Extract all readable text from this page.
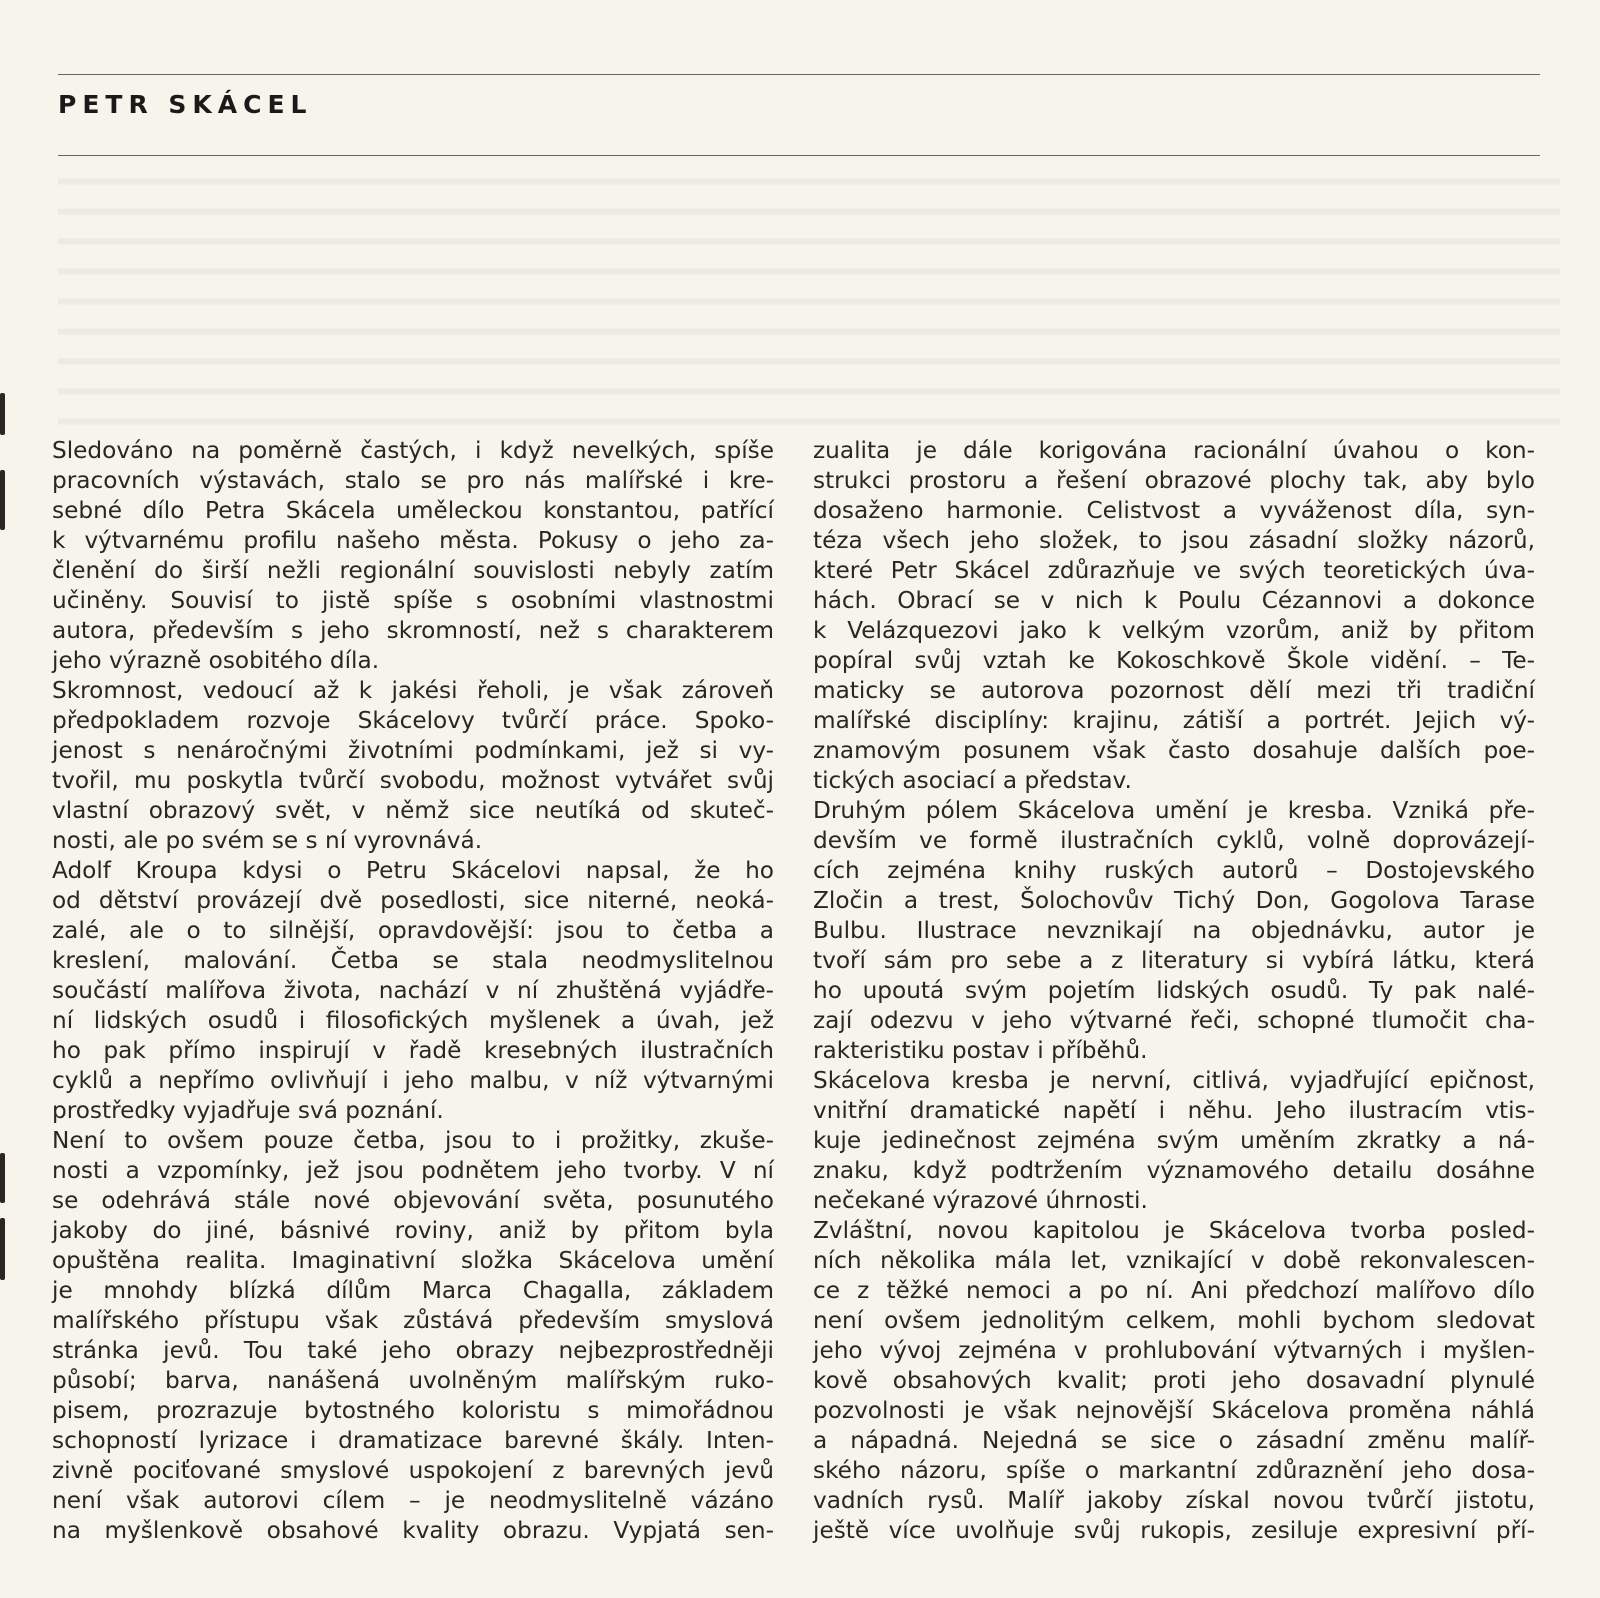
PETR SKÁCEL
Sledováno na poměrně častých, i když nevelkých, spíše
pracovních výstavách, stalo se pro nás malířské i kre-
sebné dílo Petra Skácela uměleckou konstantou, patřící
k výtvarnému profilu našeho města. Pokusy o jeho za-
členění do širší nežli regionální souvislosti nebyly zatím
učiněny. Souvisí to jistě spíše s osobními vlastnostmi
autora, především s jeho skromností, než s charakterem
jeho výrazně osobitého díla.
Skromnost, vedoucí až k jakési řeholi, je však zároveň
předpokladem rozvoje Skácelovy tvůrčí práce. Spoko-
jenost s nenáročnými životními podmínkami, jež si vy-
tvořil, mu poskytla tvůrčí svobodu, možnost vytvářet svůj
vlastní obrazový svět, v němž sice neutíká od skuteč-
nosti, ale po svém se s ní vyrovnává.
Adolf Kroupa kdysi o Petru Skácelovi napsal, že ho
od dětství provázejí dvě posedlosti, sice niterné, neoká-
zalé, ale o to silnější, opravdovější: jsou to četba a
kreslení, malování. Četba se stala neodmyslitelnou
součástí malířova života, nachází v ní zhuštěná vyjádře-
ní lidských osudů i filosofických myšlenek a úvah, jež
ho pak přímo inspirují v řadě kresebných ilustračních
cyklů a nepřímo ovlivňují i jeho malbu, v níž výtvarnými
prostředky vyjadřuje svá poznání.
Není to ovšem pouze četba, jsou to i prožitky, zkuše-
nosti a vzpomínky, jež jsou podnětem jeho tvorby. V ní
se odehrává stále nové objevování světa, posunutého
jakoby do jiné, básnivé roviny, aniž by přitom byla
opuštěna realita. Imaginativní složka Skácelova umění
je mnohdy blízká dílům Marca Chagalla, základem
malířského přístupu však zůstává především smyslová
stránka jevů. Tou také jeho obrazy nejbezprostředněji
působí; barva, nanášená uvolněným malířským ruko-
pisem, prozrazuje bytostného koloristu s mimořádnou
schopností lyrizace i dramatizace barevné škály. Inten-
zivně pociťované smyslové uspokojení z barevných jevů
není však autorovi cílem – je neodmyslitelně vázáno
na myšlenkově obsahové kvality obrazu. Vypjatá sen-
zualita je dále korigována racionální úvahou o kon-
strukci prostoru a řešení obrazové plochy tak, aby bylo
dosaženo harmonie. Celistvost a vyváženost díla, syn-
téza všech jeho složek, to jsou zásadní složky názorů,
které Petr Skácel zdůrazňuje ve svých teoretických úva-
hách. Obrací se v nich k Poulu Cézannovi a dokonce
k Velázquezovi jako k velkým vzorům, aniž by přitom
popíral svůj vztah ke Kokoschkově Škole vidění. – Te-
maticky se autorova pozornost dělí mezi tři tradiční
malířské disciplíny: krajinu, zátiší a portrét. Jejich vý-
znamovým posunem však často dosahuje dalších poe-
tických asociací a představ.
Druhým pólem Skácelova umění je kresba. Vzniká pře-
devším ve formě ilustračních cyklů, volně doprovázejí-
cích zejména knihy ruských autorů – Dostojevského
Zločin a trest, Šolochovův Tichý Don, Gogolova Tarase
Bulbu. Ilustrace nevznikají na objednávku, autor je
tvoří sám pro sebe a z literatury si vybírá látku, která
ho upoutá svým pojetím lidských osudů. Ty pak nalé-
zají odezvu v jeho výtvarné řeči, schopné tlumočit cha-
rakteristiku postav i příběhů.
Skácelova kresba je nervní, citlivá, vyjadřující epičnost,
vnitřní dramatické napětí i něhu. Jeho ilustracím vtis-
kuje jedinečnost zejména svým uměním zkratky a ná-
znaku, když podtržením významového detailu dosáhne
nečekané výrazové úhrnosti.
Zvláštní, novou kapitolou je Skácelova tvorba posled-
ních několika mála let, vznikající v době rekonvalescen-
ce z těžké nemoci a po ní. Ani předchozí malířovo dílo
není ovšem jednolitým celkem, mohli bychom sledovat
jeho vývoj zejména v prohlubování výtvarných i myšlen-
kově obsahových kvalit; proti jeho dosavadní plynulé
pozvolnosti je však nejnovější Skácelova proměna náhlá
a nápadná. Nejedná se sice o zásadní změnu malíř-
ského názoru, spíše o markantní zdůraznění jeho dosa-
vadních rysů. Malíř jakoby získal novou tvůrčí jistotu,
ještě více uvolňuje svůj rukopis, zesiluje expresivní pří-
